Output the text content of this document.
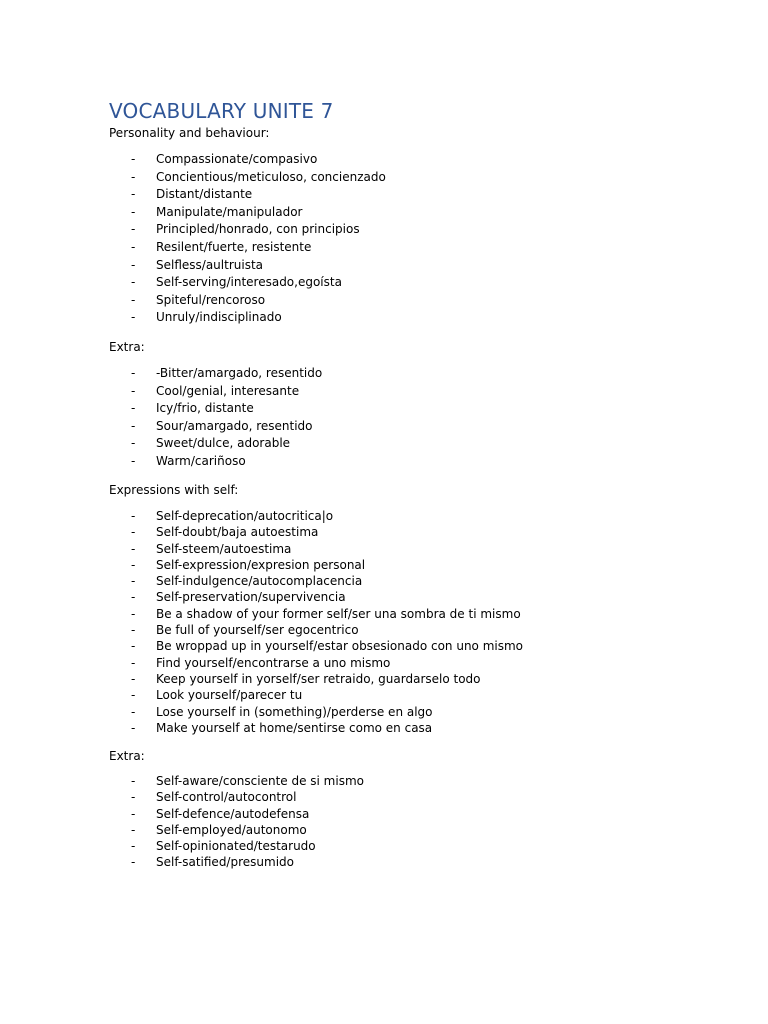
VOCABULARY UNITE 7

Personality and behaviour:

- Compassionate/compasivo
- Concientious/meticuloso, concienzado
- Distant/distante
- Manipulate/manipulador
- Principled/honrado, con principios
- Resilent/fuerte, resistente
- Selfless/aultruista
- Self-serving/interesado,egoísta
- Spiteful/rencoroso
- Unruly/indisciplinado

Extra:

- -Bitter/amargado, resentido
- Cool/genial, interesante
- Icy/frio, distante
- Sour/amargado, resentido
- Sweet/dulce, adorable
- Warm/cariñoso

Expressions with self:

- Self-deprecation/autocritica|o
- Self-doubt/baja autoestima
- Self-steem/autoestima
- Self-expression/expresion personal
- Self-indulgence/autocomplacencia
- Self-preservation/supervivencia
- Be a shadow of your former self/ser una sombra de ti mismo
- Be full of yourself/ser egocentrico
- Be wroppad up in yourself/estar obsesionado con uno mismo
- Find yourself/encontrarse a uno mismo
- Keep yourself in yorself/ser retraido, guardarselo todo
- Look yourself/parecer tu
- Lose yourself in (something)/perderse en algo
- Make yourself at home/sentirse como en casa

Extra:

- Self-aware/consciente de si mismo
- Self-control/autocontrol
- Self-defence/autodefensa
- Self-employed/autonomo
- Self-opinionated/testarudo
- Self-satified/presumido
